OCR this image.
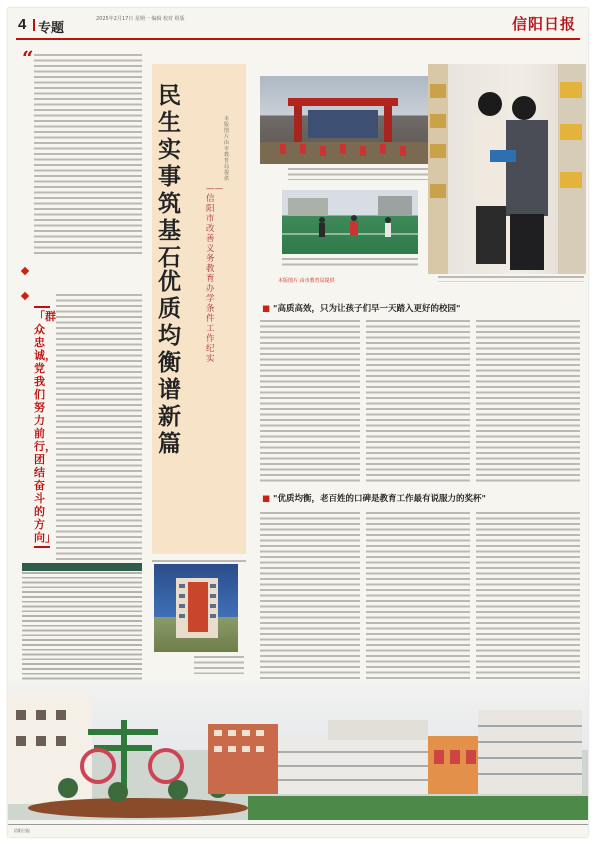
4 专题
2025年2月17日 星期一 编辑 校对 组版	信阳日报
“
「群众忠诚，党我们努力前行，团结奋斗的方向」
民生实事筑基石
优质均衡谱新篇
——信阳市改善义务教育办学条件工作纪实
本版图片 由市教育局提供
本版图片 由市教育局提供
■ "高质高效，只为让孩子们早一天踏入更好的校园"
■ "优质均衡，老百姓的口碑是教育工作最有说服力的奖杯"
信阳日报
